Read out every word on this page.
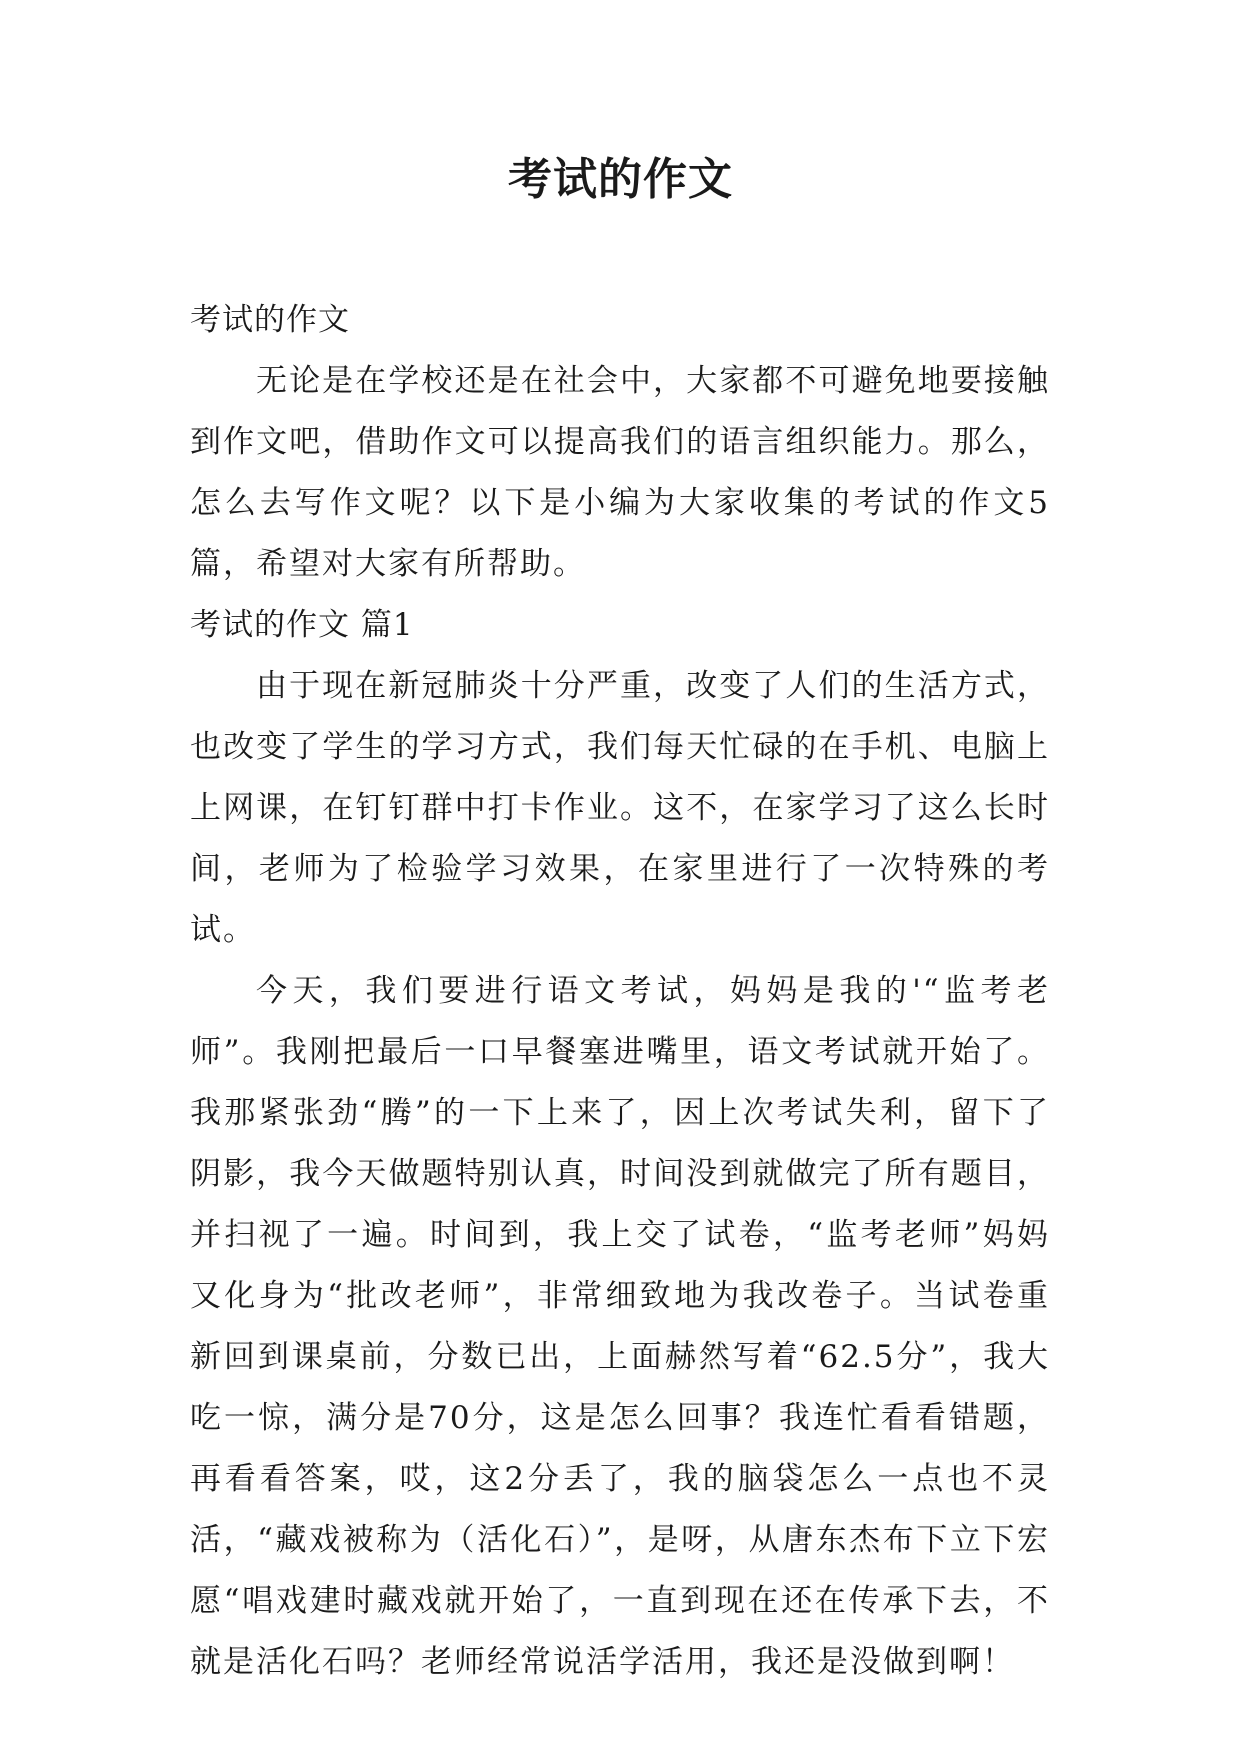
考试的作文

考试的作文

无论是在学校还是在社会中，大家都不可避免地要接触到作文吧，借助作文可以提高我们的语言组织能力。那么，怎么去写作文呢？以下是小编为大家收集的考试的作文5篇，希望对大家有所帮助。

考试的作文 篇1

由于现在新冠肺炎十分严重，改变了人们的生活方式，也改变了学生的学习方式，我们每天忙碌的在手机、电脑上上网课，在钉钉群中打卡作业。这不，在家学习了这么长时间，老师为了检验学习效果，在家里进行了一次特殊的考试。

今天，我们要进行语文考试，妈妈是我的'“监考老师”。我刚把最后一口早餐塞进嘴里，语文考试就开始了。我那紧张劲“腾”的一下上来了，因上次考试失利，留下了阴影，我今天做题特别认真，时间没到就做完了所有题目，并扫视了一遍。时间到，我上交了试卷，“监考老师”妈妈又化身为“批改老师”，非常细致地为我改卷子。当试卷重新回到课桌前，分数已出，上面赫然写着“62.5分”，我大吃一惊，满分是70分，这是怎么回事？我连忙看看错题，再看看答案，哎，这2分丢了，我的脑袋怎么一点也不灵活，“藏戏被称为（活化石）”，是呀，从唐东杰布下立下宏愿“唱戏建时藏戏就开始了，一直到现在还在传承下去，不就是活化石吗？老师经常说活学活用，我还是没做到啊！
